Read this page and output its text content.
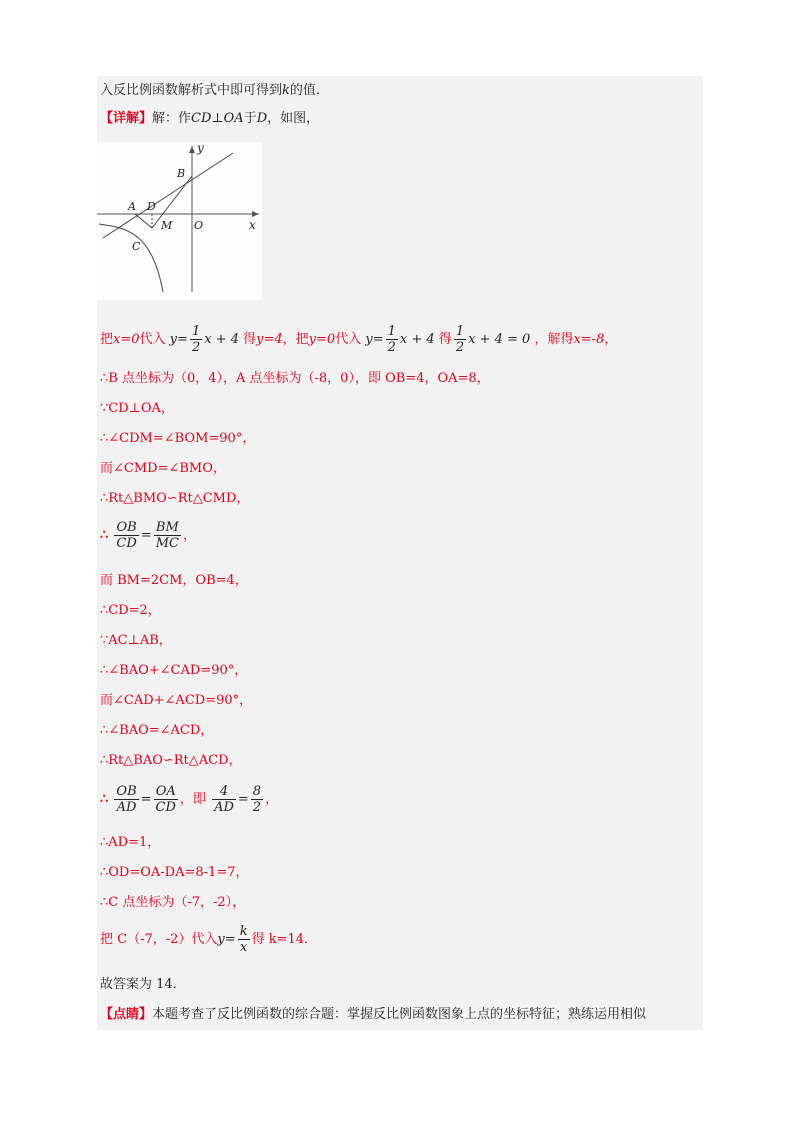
入反比例函数解析式中即可得到k的值.
【详解】解：作CD⊥OA于D，如图，
y
x
B
A D
M O
C
把x=0代入 $y= \frac{1}{2}$ x + 4 得y=4，把y=0代入 $y= \frac{1}{2}$ x + 4 得 $\frac{1}{2}$ x + 4 = 0 ，解得x=-8，
∴B 点坐标为（0，4），A 点坐标为（-8，0），即 OB=4，OA=8，
∵CD⊥OA，
∴∠CDM=∠BOM=90°，
而∠CMD=∠BMO，
∴Rt△BMO∽Rt△CMD，
∴ $\frac{OB}{CD} = \frac{BM}{MC}$ ，
而 BM=2CM，OB=4，
∴CD=2，
∵AC⊥AB，
∴∠BAO+∠CAD=90°，
而∠CAD+∠ACD=90°，
∴∠BAO=∠ACD，
∴Rt△BAO∽Rt△ACD，
∴ $\frac{OB}{AD} = \frac{OA}{CD}$ ，即 $\frac{4}{AD} = \frac{8}{2}$ ，
∴AD=1，
∴OD=OA-DA=8-1=7，
∴C 点坐标为（-7，-2），
把 C（-7，-2）代入$y= \frac{k}{x}$ 得 k=14．
故答案为 14．
【点睛】本题考查了反比例函数的综合题：掌握反比例函数图象上点的坐标特征；熟练运用相似
